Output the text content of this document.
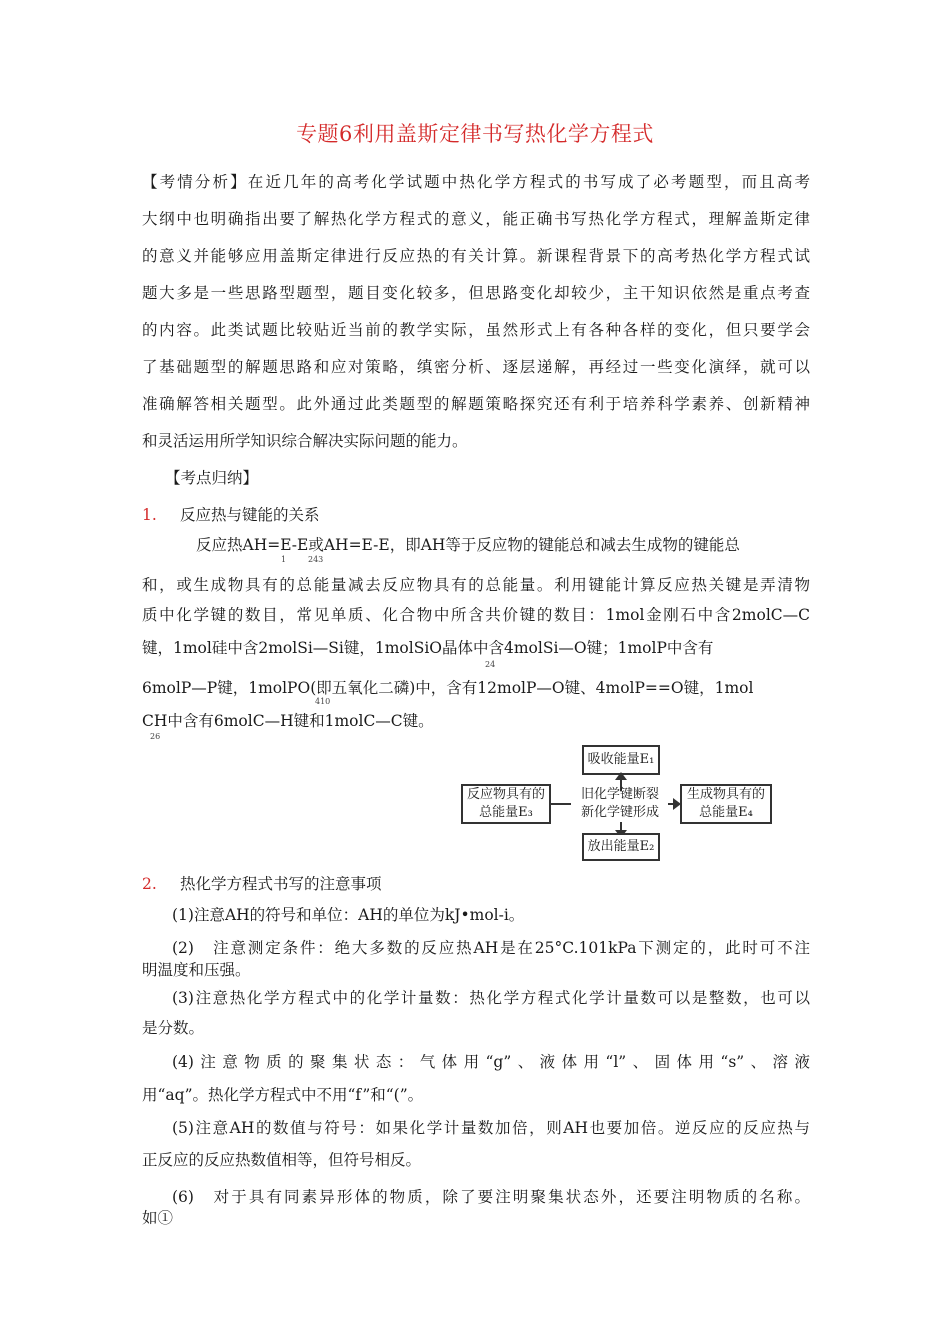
专题6利用盖斯定律书写热化学方程式
【考情分析】在近几年的高考化学试题中热化学方程式的书写成了必考题型，而且高考
大纲中也明确指出要了解热化学方程式的意义，能正确书写热化学方程式，理解盖斯定律
的意义并能够应用盖斯定律进行反应热的有关计算。新课程背景下的高考热化学方程式试
题大多是一些思路型题型，题目变化较多，但思路变化却较少，主干知识依然是重点考查
的内容。此类试题比较贴近当前的教学实际，虽然形式上有各种各样的变化，但只要学会
了基础题型的解题思路和应对策略，缜密分析、逐层递解，再经过一些变化演绎，就可以
准确解答相关题型。此外通过此类题型的解题策略探究还有利于培养科学素养、创新精神
和灵活运用所学知识综合解决实际问题的能力。
【考点归纳】
1. 反应热与键能的关系
反应热AH=E-E或AH=E-E，即AH等于反应物的键能总和减去生成物的键能总
1	243
和，或生成物具有的总能量减去反应物具有的总能量。利用键能计算反应热关键是弄清物
质中化学键的数目，常见单质、化合物中所含共价键的数目：1mol金刚石中含2molC—C
键，1mol硅中含2molSi—Si键，1molSiO晶体中含4molSi—O键；1molP中含有
24
6molP—P键，1molPO(即五氧化二磷)中，含有12molP—O键、4molP==O键，1mol
410
CH中含有6molC—H键和1molC—C键。
26
吸收能量E₁
反应物具有的
总能量E₃
旧化学键断裂
新化学键形成
生成物具有的
总能量E₄
放出能量E₂
2. 热化学方程式书写的注意事项
(1)注意AH的符号和单位：AH的单位为kJ•mol-i。
(2)　注意测定条件：绝大多数的反应热AH是在25°C.101kPa下测定的，此时可不注
明温度和压强。
(3)注意热化学方程式中的化学计量数：热化学方程式化学计量数可以是整数，也可以
是分数。
(4)注意物质的聚集状态：气体用“g”、液体用“l”、固体用“s”、溶液
用“aq”。热化学方程式中不用“f”和“(”。
(5)注意AH的数值与符号：如果化学计量数加倍，则AH也要加倍。逆反应的反应热与
正反应的反应热数值相等，但符号相反。
(6)　对于具有同素异形体的物质，除了要注明聚集状态外，还要注明物质的名称。
如①
